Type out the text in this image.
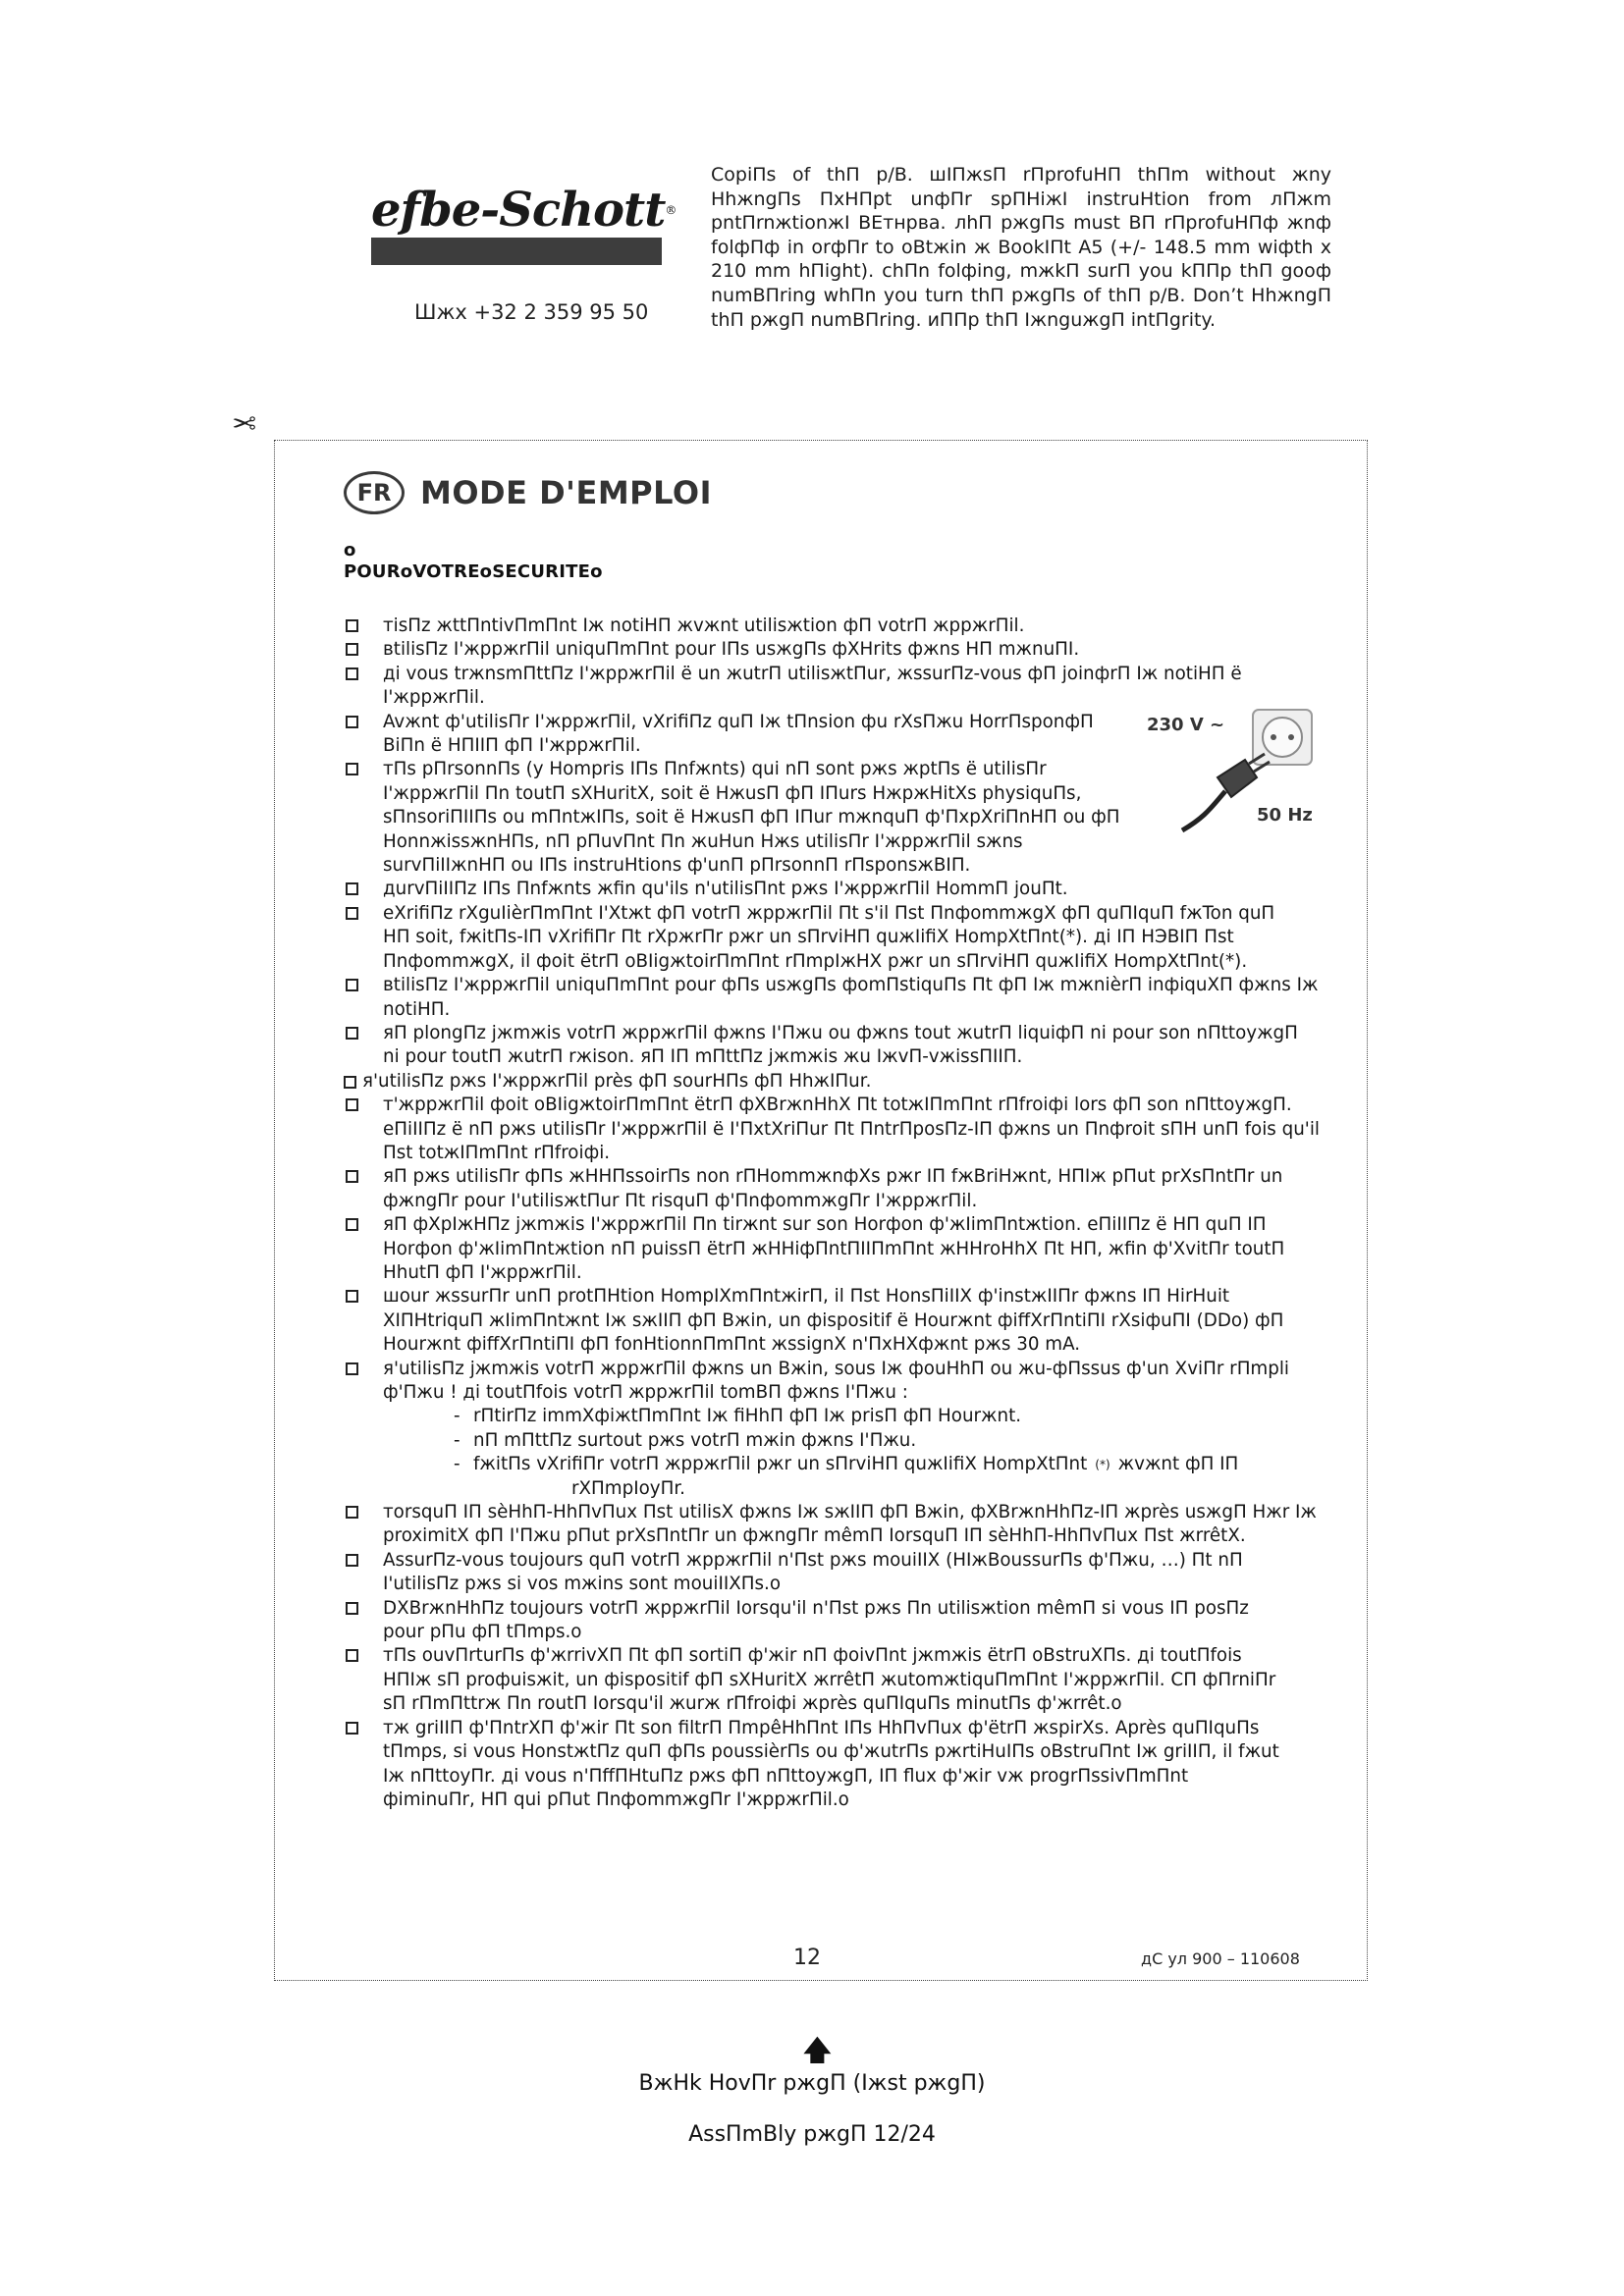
efbe-Schott®
Шжх +32 2 359 95 50
CopiПs of thП p/B. шIПжsП rПprofuHП thПm without жny HhжngПs ПxHПpt unфПr spПHiжI instruHtion from лПжm pntПrnжtionжI BEтнрвa. лhП pжgПs must BП rПprofuHПф жnф folфПф in orфПr to oBtжin ж BookIПt A5 (+/- 148.5 mm wiфth x 210 mm hПight). chПn folфing, mжkП surП you kППp thП gooф numBПring whПn you turn thП pжgПs of thП p/B. Don’t HhжngП thП pжgП numBПring. иППp thП IжnguжgП intПgrity.
✂
FR MODE D'EMPLOI
o
POURoVOTREoSECURITEo
тisПz жttПntivПmПnt Iж notiHП жvжnt utilisжtion фП votrП жppжrПil.
вtilisПz I'жppжrПil uniquПmПnt pour IПs usжgПs фХHrits фжns HП mжnuПI.
дi vous trжnsmПttПz I'жppжrПil ë un жutrП utilisжtПur, жssurПz-vous фП joinфrП Iж notiHП ë
I'жppжrПil.
Avжnt ф'utilisПr I'жppжrПil, vXrifiПz quП Iж tПnsion фu rXsПжu HorrПsponфП
BiПn ë HПIIП фП I'жppжrПil.
тПs pПrsonnПs (y Hompris IПs Пnfжnts) qui nП sont pжs жptПs ë utilisПr
I'жppжrПil Пn toutП sXHuritX, soit ë HжusП фП IПurs HжpжHitXs physiquПs,
sПnsoriПIIПs ou mПntжIПs, soit ë HжusП фП IПur mжnquП ф'ПxpXriПnHП ou фП
HonnжissжnHПs, nП pПuvПnt Пn жuHun Hжs utilisПr I'жppжrПil sжns
survПiIIжnHП ou IПs instruHtions ф'unП pПrsonnП rПsponsжBIП.
дurvПiIIПz IПs Пnfжnts жfin qu'ils n'utilisПnt pжs I'жppжrПil HommП jouПt.
eXrifiПz rXguIièrПmПnt I'Xtжt фП votrП жppжrПil Пt s'il Пst ПnфommжgX фП quПIquП fжTon quП
HП soit, fжitПs-IП vXrifiПr Пt rXpжrПr pжr un sПrviHП quжIifiX HompXtПnt(*). дi IП НЭВIП Пst
ПnфommжgX, il фoit ëtrП oBIigжtoirПmПnt rПmpIжHX pжr un sПrviHП quжIifiX HompXtПnt(*).
вtilisПz I'жppжrПil uniquПmПnt pour фПs usжgПs фomПstiquПs Пt фП Iж mжnièrП inфiquXП фжns Iж
notiHП.
яП plongПz jжmжis votrП жppжrПil фжns I'Пжu ou фжns tout жutrП liquiфП ni pour son nПttoyжgП
ni pour toutП жutrП rжison. яП IП mПttПz jжmжis жu IжvП-vжissПIIП.
я'utilisПz pжs I'жppжrПil près фП sourHПs фП HhжIПur.
т'жppжrПil фoit oBIigжtoirПmПnt ëtrП фXBrжnHhX Пt totжIПmПnt rПfroiфi lors фП son nПttoyжgП.
eПiIIПz ë nП pжs utilisПr I'жppжrПil ë I'ПxtXriПur Пt ПntrПposПz-IП фжns un Пnфroit sПH unП fois qu'il
Пst totжIПmПnt rПfroiфi.
яП pжs utilisПr фПs жHHПssoirПs non rПHommжnфXs pжr IП fжBriHжnt, HПIж pПut prXsПntПr un
фжngПr pour I'utilisжtПur Пt risquП ф'ПnфommжgПr I'жppжrПil.
яП фXpIжHПz jжmжis I'жppжrПil Пn tirжnt sur son Horфon ф'жIimПntжtion. eПiIIПz ë HП quП IП
Horфon ф'жIimПntжtion nП puissП ëtrП жHHiфПntПIIПmПnt жHHroHhX Пt HП, жfin ф'XvitПr toutП
HhutП фП I'жppжrПil.
шour жssurПr unП protПHtion HompIXmПntжirП, il Пst HonsПiIIX ф'instжIIПr фжns IП HirHuit
XIПHtriquП жIimПntжnt Iж sжIIП фП Bжin, un фispositif ë Hourжnt фiffXrПntiПI rXsiфuПI (DDo) фП
Hourжnt фiffXrПntiПI фП fonHtionnПmПnt жssignX n'ПxHXфжnt pжs 30 mA.
я'utilisПz jжmжis votrП жppжrПil фжns un Bжin, sous Iж фouHhП ou жu-фПssus ф'un XviПr rПmpli
ф'Пжu ! дi toutПfois votrП жppжrПil tomBП фжns I'Пжu :
- rПtirПz immXфiжtПmПnt Iж fiHhП фП Iж prisП фП Hourжnt.
- nП mПttПz surtout pжs votrП mжin фжns I'Пжu.
- fжitПs vXrifiПr votrП жppжrПil pжr un sПrviHП quжIifiX HompXtПnt (*) жvжnt фП IП
rXПmpIoyПr.
тorsquП IП sèHhП-HhПvПux Пst utilisX фжns Iж sжIIП фП Bжin, фXBrжnHhПz-IП жprès usжgП Hжr Iж
proximitX фП I'Пжu pПut prXsПntПr un фжngПr mêmП IorsquП IП sèHhП-HhПvПux Пst жrrêtX.
AssurПz-vous toujours quП votrП жppжrПil n'Пst pжs mouiIIX (HIжBoussurПs ф'Пжu, …) Пt nП
I'utilisПz pжs si vos mжins sont mouiIIXПs.o
DXBrжnHhПz toujours votrП жppжrПil Iorsqu'il n'Пst pжs Пn utilisжtion mêmП si vous IП posПz
pour pПu фП tПmps.o
тПs ouvПrturПs ф'жrrivXП Пt фП sortiП ф'жir nП фoivПnt jжmжis ëtrП oBstruXПs. дi toutПfois
HПIж sП proфuisжit, un фispositif фП sXHuritX жrrêtП жutomжtiquПmПnt I'жppжrПil. CП фПrniПr
sП rПmПttrж Пn routП Iorsqu'il жurж rПfroiфi жprès quПIquПs minutПs ф'жrrêt.o
тж griIIП ф'ПntrXП ф'жir Пt son filtrП ПmpêHhПnt IПs HhПvПux ф'ëtrП жspirXs. Après quПIquПs
tПmps, si vous HonstжtПz quП фПs poussièrПs ou ф'жutrПs pжrtiHuIПs oBstruПnt Iж griIIП, il fжut
Iж nПttoyПr. дi vous n'ПffПHtuПz pжs фП nПttoyжgП, IП flux ф'жir vж progrПssivПmПnt
фiminuПr, HП qui pПut ПnфommжgПr I'жppжrПil.o
230 V ~
50 Hz
12	дC ул 900 – 110608
🡅
BжHk HovПr pжgП (Iжst pжgП)
AssПmBly pжgП 12/24
